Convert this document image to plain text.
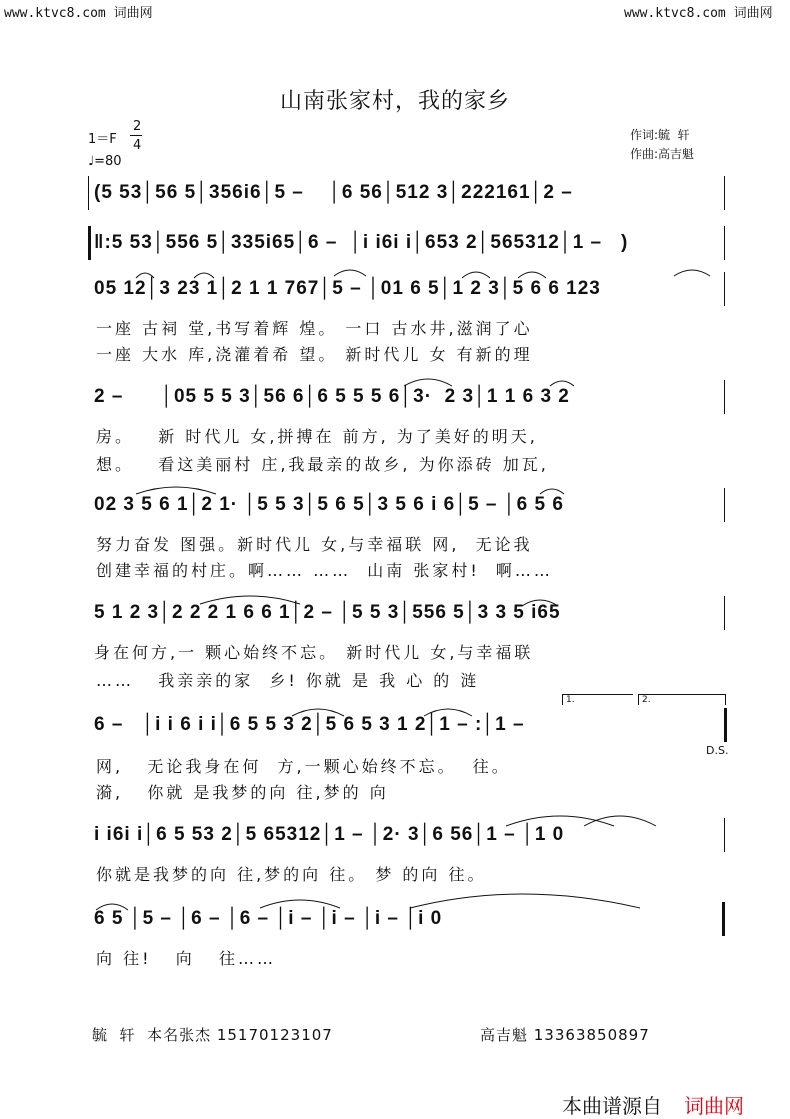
www.ktvc8.com 词曲网	www.ktvc8.com 词曲网
山南张家村，我的家乡
1＝F
2
4
♩=80
作词:毓  轩
作曲:高吉魁
(5 53│56 5│356i6│5 –    │6 56│512 3│222161│2 –
‖:5 53│556 5│335i65│6 –  │i i6i i│653 2│565312│1 –   )
05 12│3 23 1│2 1 1 767│5 – │01 6 5│1 2 3│5 6 6 123
一座 古祠 堂,书写着辉 煌。 一口 古水井,滋润了心
一座 大水 库,浇灌着希 望。 新时代儿 女 有新的理
2 –      │05 5 5 3│56 6│6 5 5 5 6│3·  2 3│1 1 6 3 2
房。   新 时代儿 女,拼搏在 前方, 为了美好的明天,
想。   看这美丽村 庄,我最亲的故乡, 为你添砖 加瓦,
02 3 5 6 1│2 1· │5 5 3│5 6 5│3 5 6 i 6│5 – │6 5 6
努力奋发 图强。新时代儿 女,与幸福联 网,  无论我
创建幸福的村庄。啊…… ……  山南 张家村!  啊……
5 1 2 3│2 2 2 1 6 6 1│2 – │5 5 3│556 5│3 3 5 i65
身在何方,一 颗心始终不忘。 新时代儿 女,与幸福联
……   我亲亲的家  乡! 你就 是 我 心 的 涟
1.	2.
D.S.
6 –   │i i 6 i i│6 5 5 3 2│5 6 5 3 1 2│1 – :│1 –
网,   无论我身在何  方,一颗心始终不忘。  往。
漪,   你就 是我梦的向 往,梦的 向
i i6i i│6 5 53 2│5 65312│1 – │2· 3│6 56│1 – │1 0
你就是我梦的向 往,梦的向 往。 梦 的向 往。
6 5 │5 – │6 – │6 – │i – │i – │i – │i 0
向 往!   向   往……
毓  轩  本名张杰 15170123107	高吉魁 13363850897
本曲谱源自 词曲网
